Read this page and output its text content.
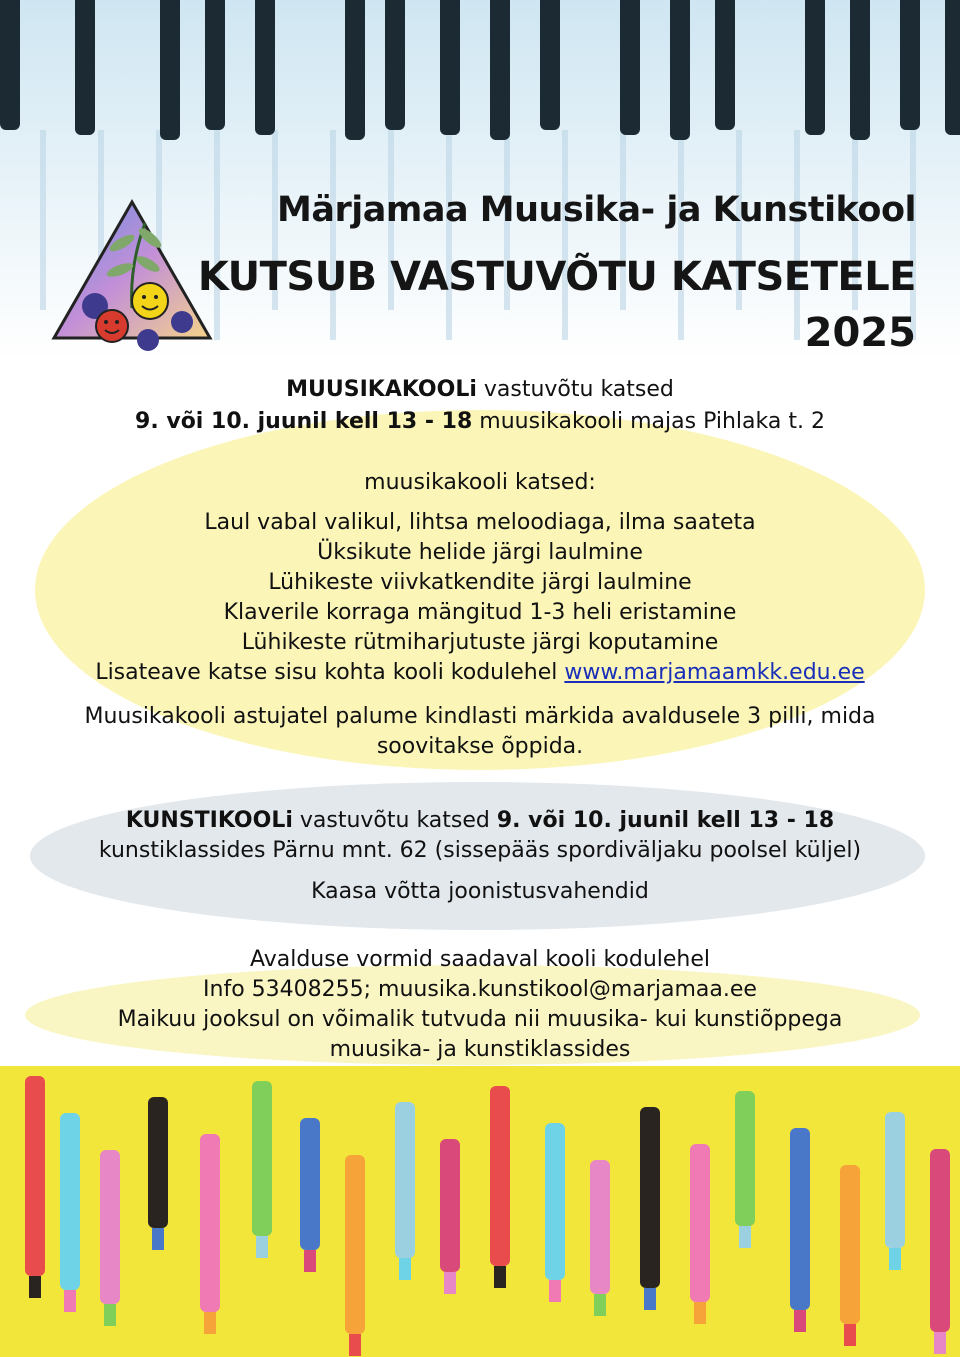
Märjamaa Muusika- ja Kunstikool
KUTSUB VASTUVÕTU KATSETELE
2025
MUUSIKAKOOLi vastuvõtu katsed
9. või 10. juunil kell 13 - 18 muusikakooli majas Pihlaka t. 2
muusikakooli katsed:
Laul vabal valikul, lihtsa meloodiaga, ilma saateta
Üksikute helide järgi laulmine
Lühikeste viivkatkendite järgi laulmine
Klaverile korraga mängitud 1-3 heli eristamine
Lühikeste rütmiharjutuste järgi koputamine
Lisateave katse sisu kohta kooli kodulehel www.marjamaamkk.edu.ee
Muusikakooli astujatel palume kindlasti märkida avaldusele 3 pilli, mida
soovitakse õppida.
KUNSTIKOOLi vastuvõtu katsed 9. või 10. juunil kell 13 - 18
kunstiklassides Pärnu mnt. 62 (sissepääs spordiväljaku poolsel küljel)
Kaasa võtta joonistusvahendid
Avalduse vormid saadaval kooli kodulehel
Info 53408255; muusika.kunstikool@marjamaa.ee
Maikuu jooksul on võimalik tutvuda nii muusika- kui kunstiõppega
muusika- ja kunstiklassides
